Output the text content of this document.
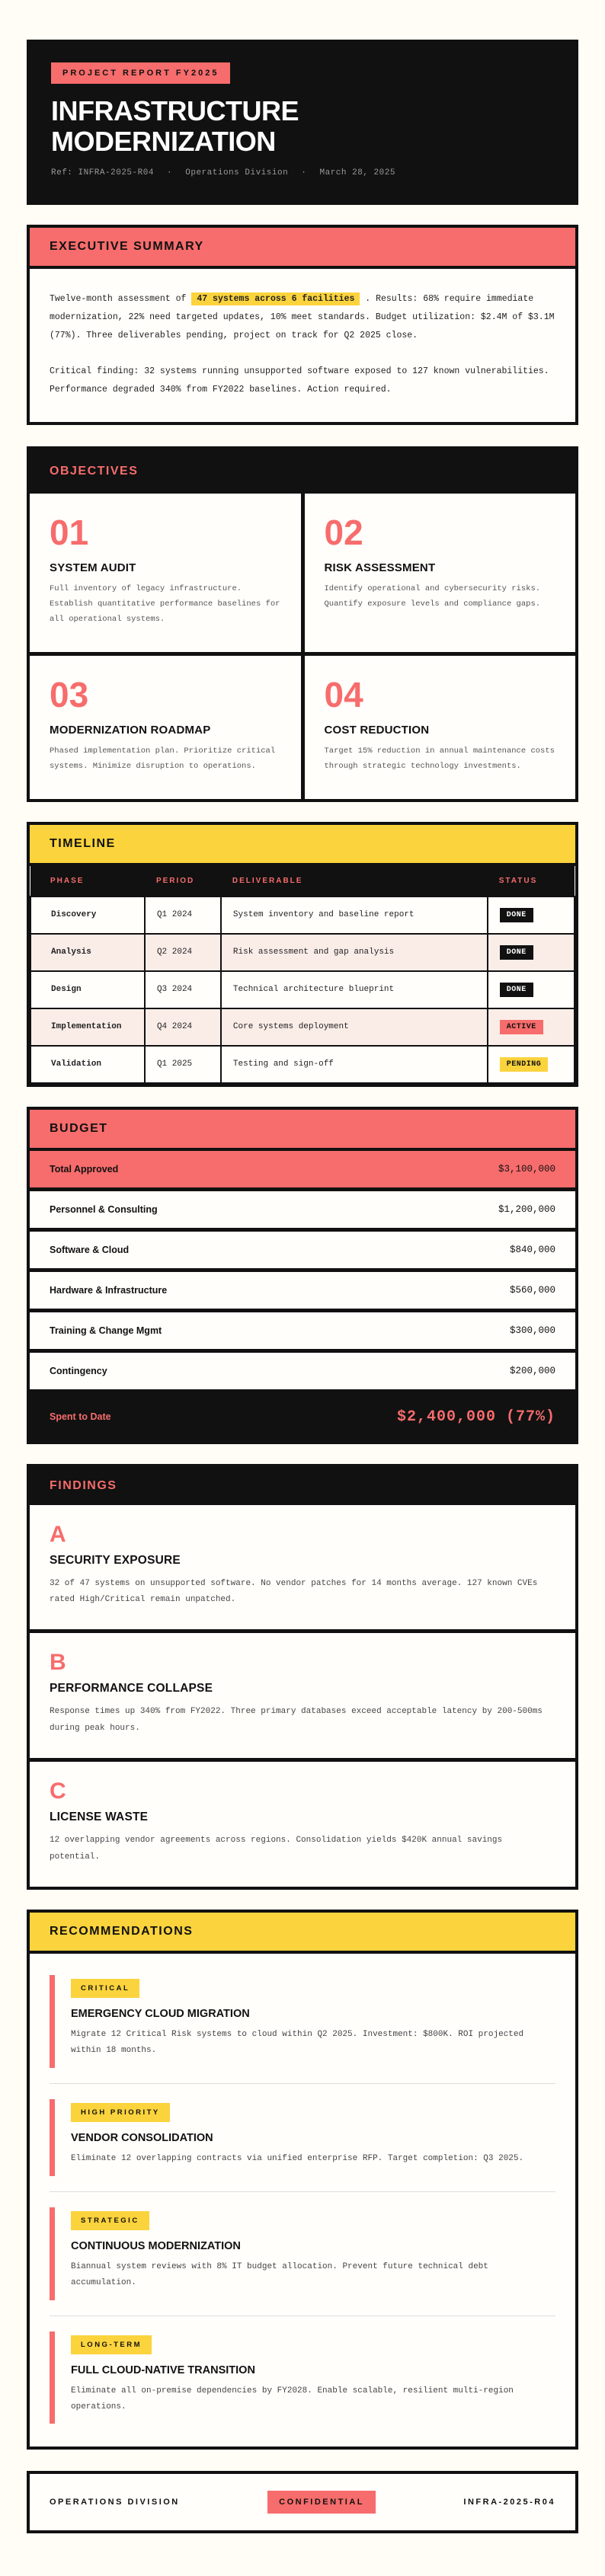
PROJECT REPORT FY2025
INFRASTRUCTURE
MODERNIZATION
Ref: INFRA-2025-R04 · Operations Division · March 28, 2025
EXECUTIVE SUMMARY

Twelve-month assessment of 47 systems across 6 facilities . Results: 68% require immediate modernization, 22% need targeted updates, 10% meet standards. Budget utilization: $2.4M of $3.1M (77%). Three deliverables pending, project on track for Q2 2025 close.

Critical finding: 32 systems running unsupported software exposed to 127 known vulnerabilities. Performance degraded 340% from FY2022 baselines. Action required.

OBJECTIVES
01
SYSTEM AUDIT
Full inventory of legacy infrastructure. Establish quantitative performance baselines for all operational systems.
02
RISK ASSESSMENT
Identify operational and cybersecurity risks. Quantify exposure levels and compliance gaps.
03
MODERNIZATION ROADMAP
Phased implementation plan. Prioritize critical systems. Minimize disruption to operations.
04
COST REDUCTION
Target 15% reduction in annual maintenance costs through strategic technology investments.
TIMELINE
PHASE	PERIOD	DELIVERABLE	STATUS
Discovery	Q1 2024	System inventory and baseline report	DONE
Analysis	Q2 2024	Risk assessment and gap analysis	DONE
Design	Q3 2024	Technical architecture blueprint	DONE
Implementation	Q4 2024	Core systems deployment	ACTIVE
Validation	Q1 2025	Testing and sign-off	PENDING
BUDGET
Total Approved	$3,100,000
Personnel & Consulting	$1,200,000
Software & Cloud	$840,000
Hardware & Infrastructure	$560,000
Training & Change Mgmt	$300,000
Contingency	$200,000
Spent to Date	$2,400,000 (77%)
FINDINGS
A
SECURITY EXPOSURE
32 of 47 systems on unsupported software. No vendor patches for 14 months average. 127 known CVEs rated High/Critical remain unpatched.
B
PERFORMANCE COLLAPSE
Response times up 340% from FY2022. Three primary databases exceed acceptable latency by 200-500ms during peak hours.
C
LICENSE WASTE
12 overlapping vendor agreements across regions. Consolidation yields $420K annual savings potential.
RECOMMENDATIONS
CRITICAL
EMERGENCY CLOUD MIGRATION
Migrate 12 Critical Risk systems to cloud within Q2 2025. Investment: $800K. ROI projected within 18 months.
HIGH PRIORITY
VENDOR CONSOLIDATION
Eliminate 12 overlapping contracts via unified enterprise RFP. Target completion: Q3 2025.
STRATEGIC
CONTINUOUS MODERNIZATION
Biannual system reviews with 8% IT budget allocation. Prevent future technical debt accumulation.
LONG-TERM
FULL CLOUD-NATIVE TRANSITION
Eliminate all on-premise dependencies by FY2028. Enable scalable, resilient multi-region operations.
OPERATIONS DIVISION	CONFIDENTIAL	INFRA-2025-R04
